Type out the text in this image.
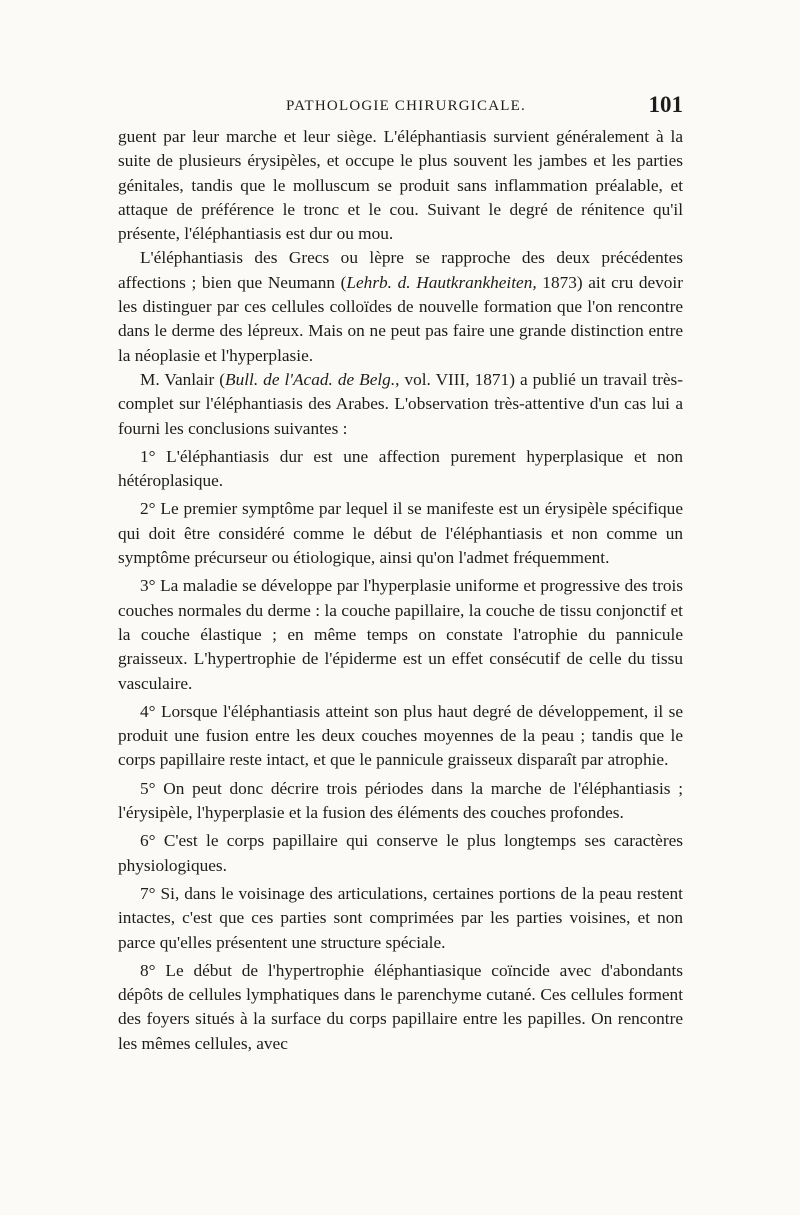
PATHOLOGIE CHIRURGICALE.	101

guent par leur marche et leur siège. L'éléphantiasis survient généralement à la suite de plusieurs érysipèles, et occupe le plus souvent les jambes et les parties génitales, tandis que le molluscum se produit sans inflammation préalable, et attaque de préférence le tronc et le cou. Suivant le degré de rénitence qu'il présente, l'éléphantiasis est dur ou mou.

L'éléphantiasis des Grecs ou lèpre se rapproche des deux précédentes affections ; bien que Neumann (Lehrb. d. Hautkrankheiten, 1873) ait cru devoir les distinguer par ces cellules colloïdes de nouvelle formation que l'on rencontre dans le derme des lépreux. Mais on ne peut pas faire une grande distinction entre la néoplasie et l'hyperplasie.

M. Vanlair (Bull. de l'Acad. de Belg., vol. VIII, 1871) a publié un travail très-complet sur l'éléphantiasis des Arabes. L'observation très-attentive d'un cas lui a fourni les conclusions suivantes :

1° L'éléphantiasis dur est une affection purement hyperplasique et non hétéroplasique.

2° Le premier symptôme par lequel il se manifeste est un érysipèle spécifique qui doit être considéré comme le début de l'éléphantiasis et non comme un symptôme précurseur ou étiologique, ainsi qu'on l'admet fréquemment.

3° La maladie se développe par l'hyperplasie uniforme et progressive des trois couches normales du derme : la couche papillaire, la couche de tissu conjonctif et la couche élastique ; en même temps on constate l'atrophie du pannicule graisseux. L'hypertrophie de l'épiderme est un effet consécutif de celle du tissu vasculaire.

4° Lorsque l'éléphantiasis atteint son plus haut degré de développement, il se produit une fusion entre les deux couches moyennes de la peau ; tandis que le corps papillaire reste intact, et que le pannicule graisseux disparaît par atrophie.

5° On peut donc décrire trois périodes dans la marche de l'éléphantiasis ; l'érysipèle, l'hyperplasie et la fusion des éléments des couches profondes.

6° C'est le corps papillaire qui conserve le plus longtemps ses caractères physiologiques.

7° Si, dans le voisinage des articulations, certaines portions de la peau restent intactes, c'est que ces parties sont comprimées par les parties voisines, et non parce qu'elles présentent une structure spéciale.

8° Le début de l'hypertrophie éléphantiasique coïncide avec d'abondants dépôts de cellules lymphatiques dans le parenchyme cutané. Ces cellules forment des foyers situés à la surface du corps papillaire entre les papilles. On rencontre les mêmes cellules, avec
